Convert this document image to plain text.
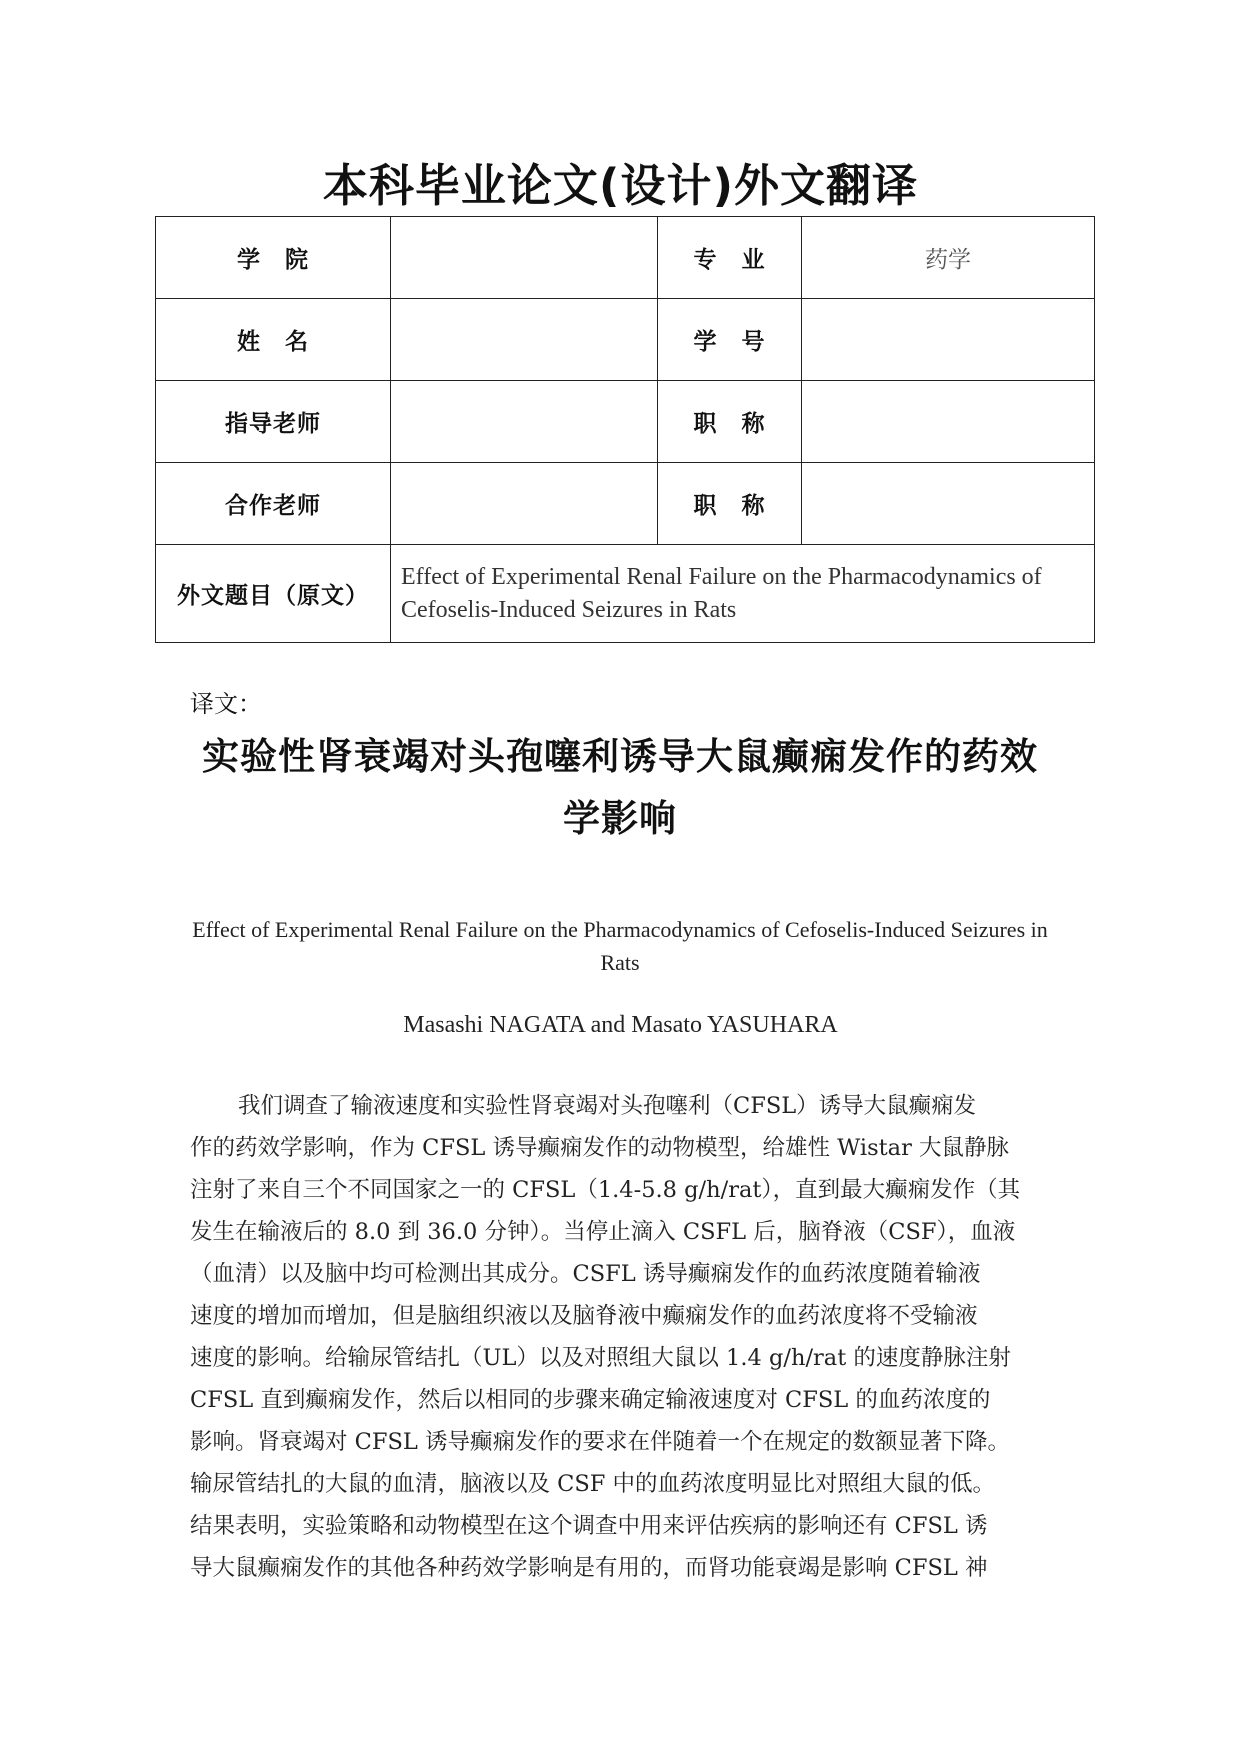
本科毕业论文(设计)外文翻译
学　院		专　业	药学
姓　名		学　号	
指导老师		职　称	
合作老师		职　称	
外文题目（原文）	Effect of Experimental Renal Failure on the Pharmacodynamics of Cefoselis-Induced Seizures in Rats		
译文：
实验性肾衰竭对头孢噻利诱导大鼠癫痫发作的药效
学影响
Effect of Experimental Renal Failure on the Pharmacodynamics of Cefoselis-Induced Seizures in Rats
Masashi NAGATA and Masato YASUHARA
我们调查了输液速度和实验性肾衰竭对头孢噻利（CFSL）诱导大鼠癫痫发
作的药效学影响，作为 CFSL 诱导癫痫发作的动物模型，给雄性 Wistar 大鼠静脉
注射了来自三个不同国家之一的 CFSL（1.4-5.8 g/h/rat），直到最大癫痫发作（其
发生在输液后的 8.0 到 36.0 分钟）。当停止滴入 CSFL 后，脑脊液（CSF），血液
（血清）以及脑中均可检测出其成分。CSFL 诱导癫痫发作的血药浓度随着输液
速度的增加而增加，但是脑组织液以及脑脊液中癫痫发作的血药浓度将不受输液
速度的影响。给输尿管结扎（UL）以及对照组大鼠以 1.4 g/h/rat 的速度静脉注射
CFSL 直到癫痫发作，然后以相同的步骤来确定输液速度对 CFSL 的血药浓度的
影响。肾衰竭对 CFSL 诱导癫痫发作的要求在伴随着一个在规定的数额显著下降。
输尿管结扎的大鼠的血清，脑液以及 CSF 中的血药浓度明显比对照组大鼠的低。
结果表明，实验策略和动物模型在这个调查中用来评估疾病的影响还有 CFSL 诱
导大鼠癫痫发作的其他各种药效学影响是有用的，而肾功能衰竭是影响 CFSL 神
